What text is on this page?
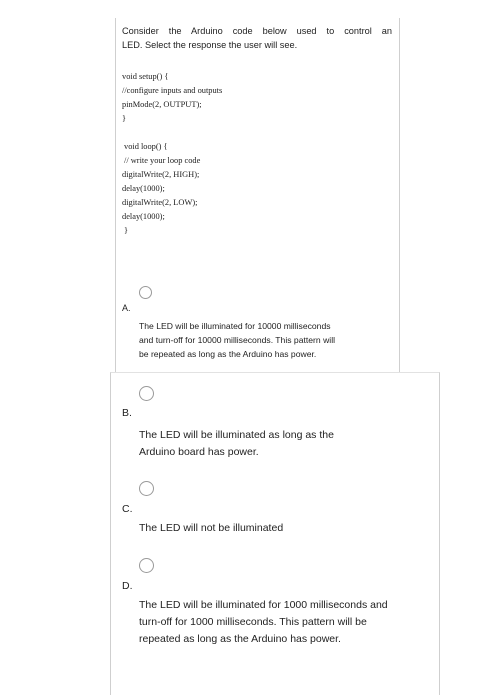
Consider the Arduino code below used to control an
LED. Select the response the user will see.
void setup() {
//configure inputs and outputs
pinMode(2, OUTPUT);
}
void loop() {
// write your loop code
digitalWrite(2, HIGH);
delay(1000);
digitalWrite(2, LOW);
delay(1000);
}
A.
The LED will be illuminated for 10000 milliseconds
and turn-off for 10000 milliseconds. This pattern will
be repeated as long as the Arduino has power.
B.
The LED will be illuminated as long as the
Arduino board has power.
C.
The LED will not be illuminated
D.
The LED will be illuminated for 1000 milliseconds and
turn-off for 1000 milliseconds. This pattern will be
repeated as long as the Arduino has power.
